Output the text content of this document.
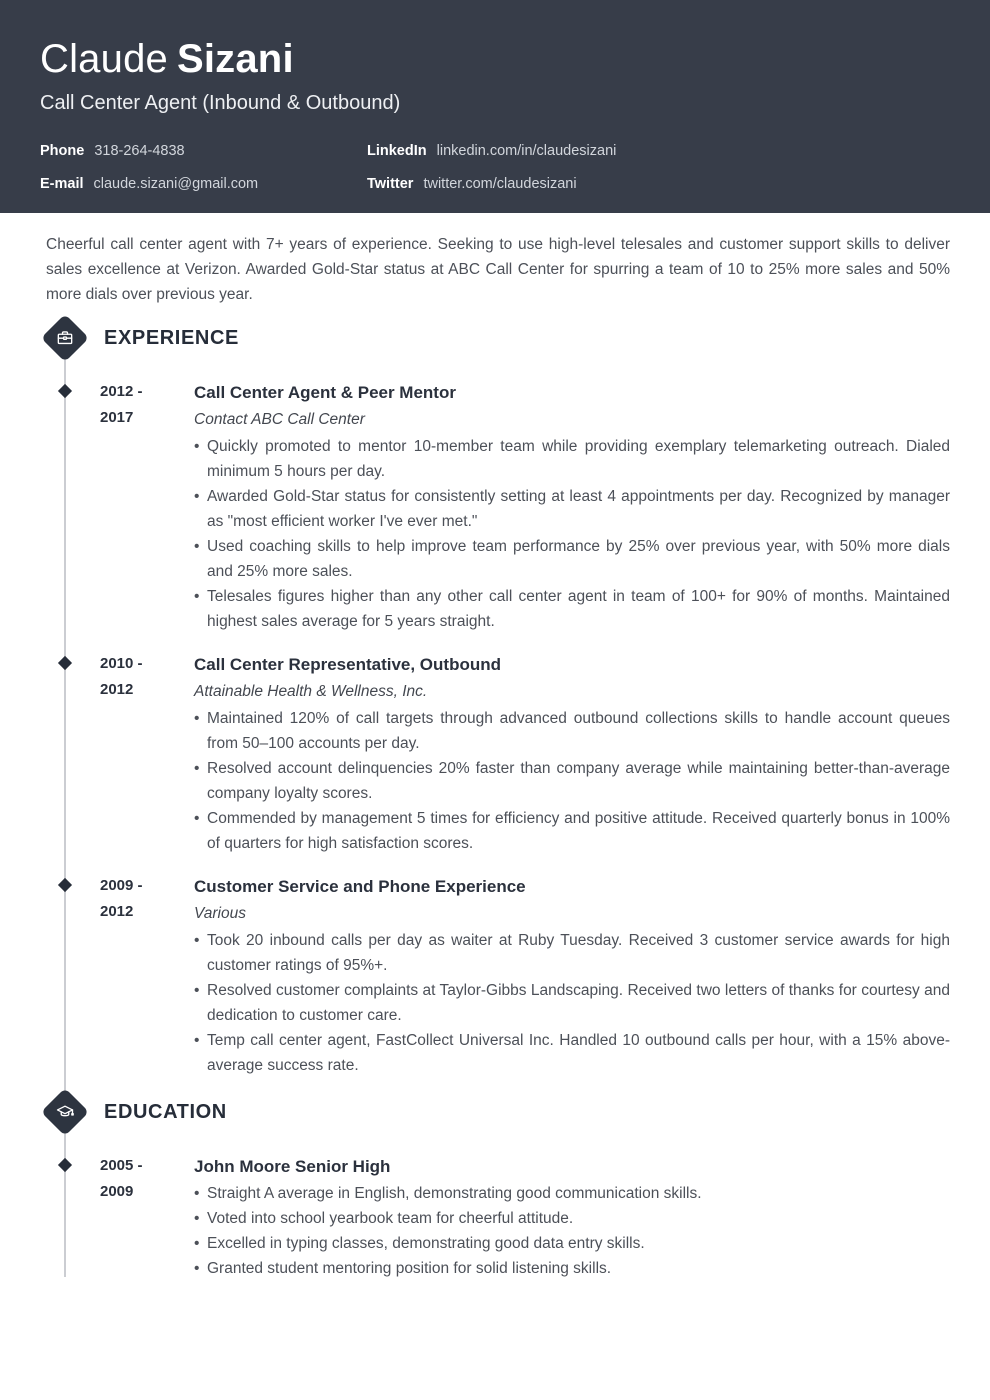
Claude Sizani
Call Center Agent (Inbound & Outbound)
Phone 318-264-4838	LinkedIn linkedin.com/in/claudesizani
E-mail claude.sizani@gmail.com	Twitter twitter.com/claudesizani

Cheerful call center agent with 7+ years of experience. Seeking to use high-level telesales and customer support skills to deliver sales excellence at Verizon. Awarded Gold-Star status at ABC Call Center for spurring a team of 10 to 25% more sales and 50% more dials over previous year.

EXPERIENCE
2012 -
2017
Call Center Agent & Peer Mentor
Contact ABC Call Center
• Quickly promoted to mentor 10-member team while providing exemplary telemarketing outreach. Dialed minimum 5 hours per day.
• Awarded Gold-Star status for consistently setting at least 4 appointments per day. Recognized by manager as "most efficient worker I've ever met."
• Used coaching skills to help improve team performance by 25% over previous year, with 50% more dials and 25% more sales.
• Telesales figures higher than any other call center agent in team of 100+ for 90% of months. Maintained highest sales average for 5 years straight.
2010 -
2012
Call Center Representative, Outbound
Attainable Health & Wellness, Inc.
• Maintained 120% of call targets through advanced outbound collections skills to handle account queues from 50–100 accounts per day.
• Resolved account delinquencies 20% faster than company average while maintaining better-than-average company loyalty scores.
• Commended by management 5 times for efficiency and positive attitude. Received quarterly bonus in 100% of quarters for high satisfaction scores.
2009 -
2012
Customer Service and Phone Experience
Various
• Took 20 inbound calls per day as waiter at Ruby Tuesday. Received 3 customer service awards for high customer ratings of 95%+.
• Resolved customer complaints at Taylor-Gibbs Landscaping. Received two letters of thanks for courtesy and dedication to customer care.
• Temp call center agent, FastCollect Universal Inc. Handled 10 outbound calls per hour, with a 15% above-average success rate.
EDUCATION
2005 -
2009
John Moore Senior High
• Straight A average in English, demonstrating good communication skills.
• Voted into school yearbook team for cheerful attitude.
• Excelled in typing classes, demonstrating good data entry skills.
• Granted student mentoring position for solid listening skills.
